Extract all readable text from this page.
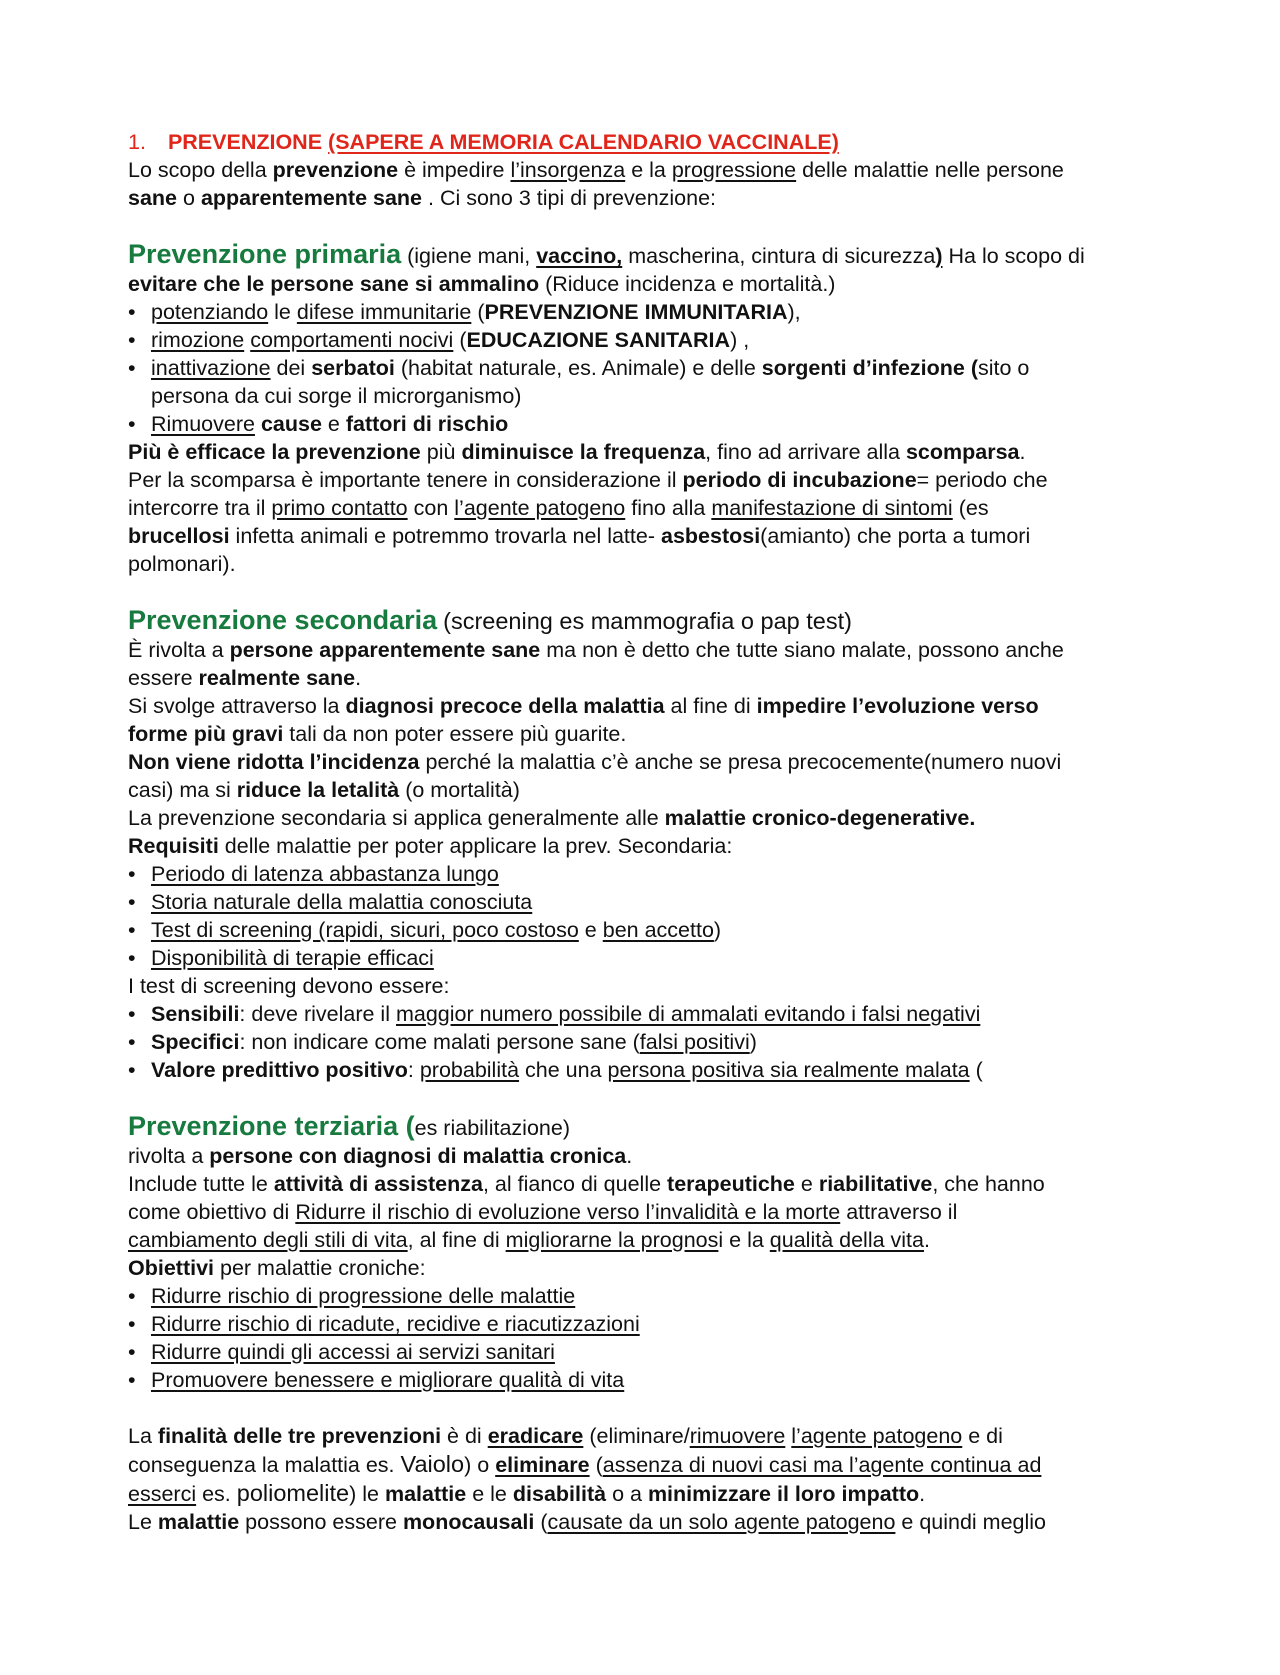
1. PREVENZIONE (SAPERE A MEMORIA CALENDARIO VACCINALE)
Lo scopo della prevenzione è impedire l’insorgenza e la progressione delle malattie nelle persone
sane o apparentemente sane . Ci sono 3 tipi di prevenzione:
Prevenzione primaria (igiene mani, vaccino, mascherina, cintura di sicurezza) Ha lo scopo di
evitare che le persone sane si ammalino (Riduce incidenza e mortalità.)
• potenziando le difese immunitarie (PREVENZIONE IMMUNITARIA),
• rimozione comportamenti nocivi (EDUCAZIONE SANITARIA) ,
• inattivazione dei serbatoi (habitat naturale, es. Animale) e delle sorgenti d’infezione (sito o
persona da cui sorge il microrganismo)
• Rimuovere cause e fattori di rischio
Più è efficace la prevenzione più diminuisce la frequenza, fino ad arrivare alla scomparsa.
Per la scomparsa è importante tenere in considerazione il periodo di incubazione= periodo che
intercorre tra il primo contatto con l’agente patogeno fino alla manifestazione di sintomi (es
brucellosi infetta animali e potremmo trovarla nel latte- asbestosi(amianto) che porta a tumori
polmonari).
Prevenzione secondaria (screening es mammografia o pap test)
È rivolta a persone apparentemente sane ma non è detto che tutte siano malate, possono anche
essere realmente sane.
Si svolge attraverso la diagnosi precoce della malattia al fine di impedire l’evoluzione verso
forme più gravi tali da non poter essere più guarite.
Non viene ridotta l’incidenza perché la malattia c’è anche se presa precocemente(numero nuovi
casi) ma si riduce la letalità (o mortalità)
La prevenzione secondaria si applica generalmente alle malattie cronico-degenerative.
Requisiti delle malattie per poter applicare la prev. Secondaria:
• Periodo di latenza abbastanza lungo
• Storia naturale della malattia conosciuta
• Test di screening (rapidi, sicuri, poco costoso e ben accetto)
• Disponibilità di terapie efficaci
I test di screening devono essere:
• Sensibili: deve rivelare il maggior numero possibile di ammalati evitando i falsi negativi
• Specifici: non indicare come malati persone sane (falsi positivi)
• Valore predittivo positivo: probabilità che una persona positiva sia realmente malata (
Prevenzione terziaria (es riabilitazione)
rivolta a persone con diagnosi di malattia cronica.
Include tutte le attività di assistenza, al fianco di quelle terapeutiche e riabilitative, che hanno
come obiettivo di Ridurre il rischio di evoluzione verso l’invalidità e la morte attraverso il
cambiamento degli stili di vita, al fine di migliorarne la prognosi e la qualità della vita.
Obiettivi per malattie croniche:
• Ridurre rischio di progressione delle malattie
• Ridurre rischio di ricadute, recidive e riacutizzazioni
• Ridurre quindi gli accessi ai servizi sanitari
• Promuovere benessere e migliorare qualità di vita
La finalità delle tre prevenzioni è di eradicare (eliminare/rimuovere l’agente patogeno e di
conseguenza la malattia es. Vaiolo) o eliminare (assenza di nuovi casi ma l’agente continua ad
esserci es. poliomelite) le malattie e le disabilità o a minimizzare il loro impatto.
Le malattie possono essere monocausali (causate da un solo agente patogeno e quindi meglio
